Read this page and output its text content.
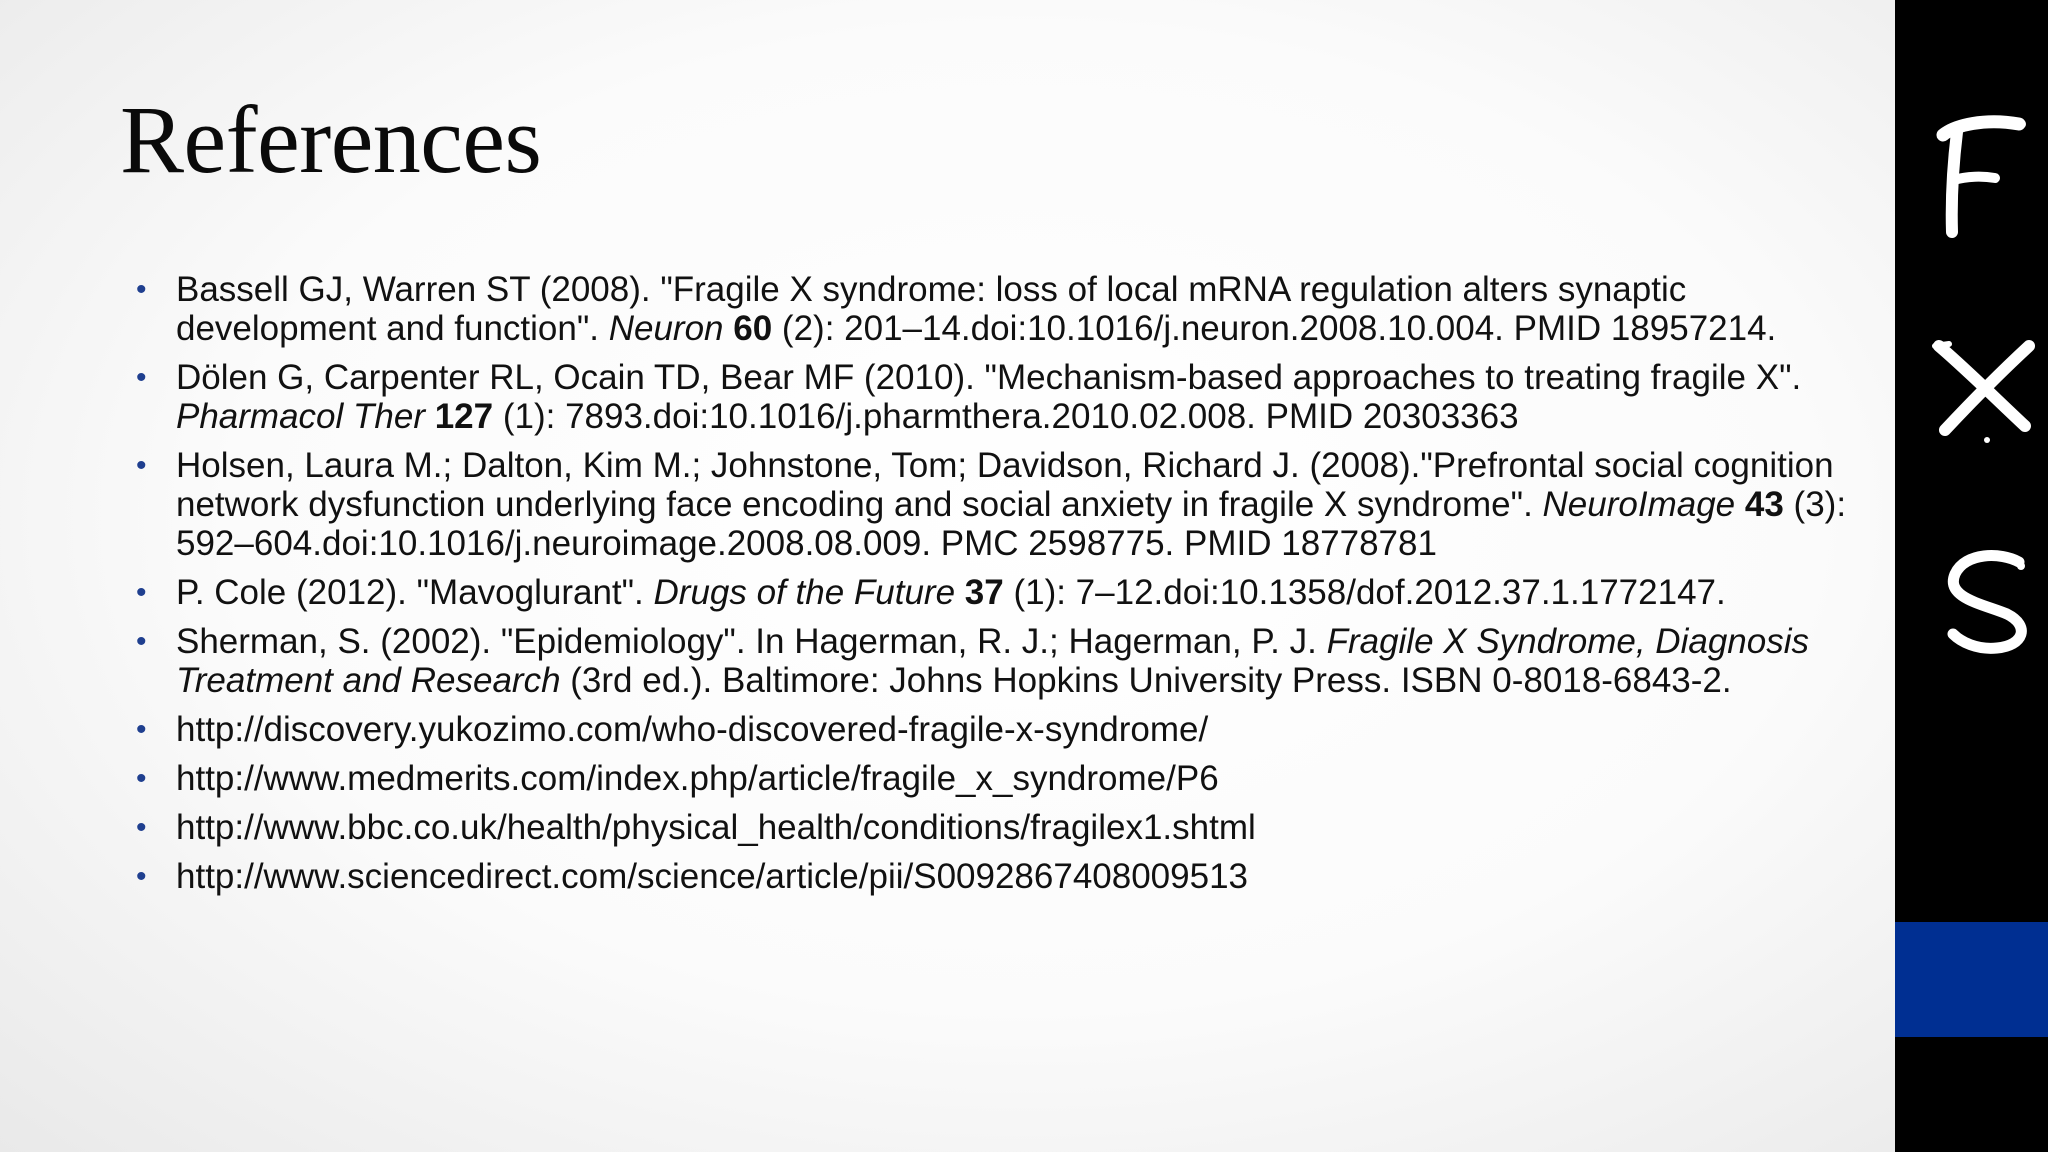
References
• Bassell GJ, Warren ST (2008). "Fragile X syndrome: loss of local mRNA regulation alters synaptic development and function". Neuron 60 (2): 201–14.doi:10.1016/j.neuron.2008.10.004. PMID 18957214.
• Dölen G, Carpenter RL, Ocain TD, Bear MF (2010). "Mechanism-based approaches to treating fragile X". Pharmacol Ther 127 (1): 7893.doi:10.1016/j.pharmthera.2010.02.008. PMID 20303363
• Holsen, Laura M.; Dalton, Kim M.; Johnstone, Tom; Davidson, Richard J. (2008)."Prefrontal social cognition network dysfunction underlying face encoding and social anxiety in fragile X syndrome". NeuroImage 43 (3): 592–604.doi:10.1016/j.neuroimage.2008.08.009. PMC 2598775. PMID 18778781
• P. Cole (2012). "Mavoglurant". Drugs of the Future 37 (1): 7–12.doi:10.1358/dof.2012.37.1.1772147.
• Sherman, S. (2002). "Epidemiology". In Hagerman, R. J.; Hagerman, P. J. Fragile X Syndrome, Diagnosis Treatment and Research (3rd ed.). Baltimore: Johns Hopkins University Press. ISBN 0-8018-6843-2.
• http://discovery.yukozimo.com/who-discovered-fragile-x-syndrome/
• http://www.medmerits.com/index.php/article/fragile_x_syndrome/P6
• http://www.bbc.co.uk/health/physical_health/conditions/fragilex1.shtml
• http://www.sciencedirect.com/science/article/pii/S0092867408009513
